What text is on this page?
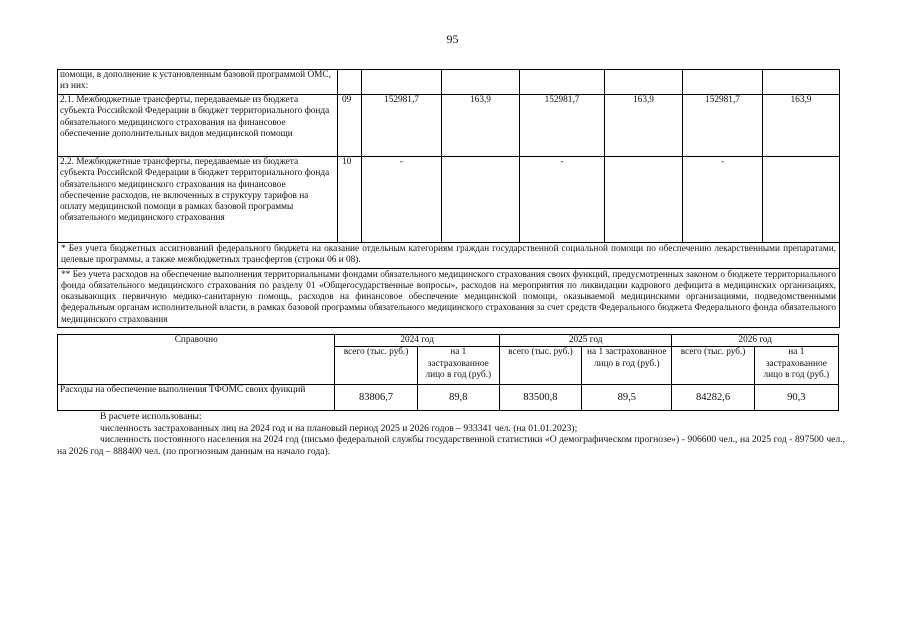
95
помощи, в дополнение к установленным базовой программой ОМС, из них:							
2.1. Межбюджетные трансферты, передаваемые из бюджета субъекта Российской Федерации в бюджет территориального фонда обязательного медицинского страхования на финансовое обеспечение дополнительных видов медицинской помощи	09	152981,7	163,9	152981,7	163,9	152981,7	163,9
2.2. Межбюджетные трансферты, передаваемые из бюджета субъекта Российской Федерации в бюджет территориального фонда обязательного медицинского страхования на финансовое обеспечение расходов, не включенных в структуру тарифов на оплату медицинской помощи в рамках базовой программы обязательного медицинского страхования	10	-		-		-	
* Без учета бюджетных ассигнований федерального бюджета на оказание отдельным категориям граждан государственной социальной помощи по обеспечению лекарственными препаратами, целевые программы, а также межбюджетных трансфертов (строки 06 и 08).							
** Без учета расходов на обеспечение выполнения территориальными фондами обязательного медицинского страхования своих функций, предусмотренных законом о бюджете территориального фонда обязательного медицинского страхования по разделу 01 «Общегосударственные вопросы», расходов на мероприятия по ликвидации кадрового дефицита в медицинских организациях, оказывающих первичную медико-санитарную помощь, расходов на финансовое обеспечение медицинской помощи, оказываемой медицинскими организациями, подведомственными федеральным органам исполнительной власти, в рамках базовой программы обязательного медицинского страхования за счет средств Федерального бюджета Федерального фонда обязательного медицинского страхования							
Справочно	2024 год		2025 год		2026 год	
	всего (тыс. руб.)	на 1 застрахованное лицо в год (руб.)	всего (тыс. руб.)	на 1 застрахованное лицо в год (руб.)	всего (тыс. руб.)	на 1 застрахованное лицо в год (руб.)
Расходы на обеспечение выполнения ТФОМС своих функций	83806,7	89,8	83500,8	89,5	84282,6	90,3

В расчете использованы:

численность застрахованных лиц на 2024 год и на плановый период 2025 и 2026 годов – 933341 чел. (на 01.01.2023);

численность постоянного населения на 2024 год (письмо федеральной службы государственной статистики «О демографическом прогнозе») - 906600 чел., на 2025 год - 897500 чел., на 2026 год – 888400 чел. (по прогнозным данным на начало года).
